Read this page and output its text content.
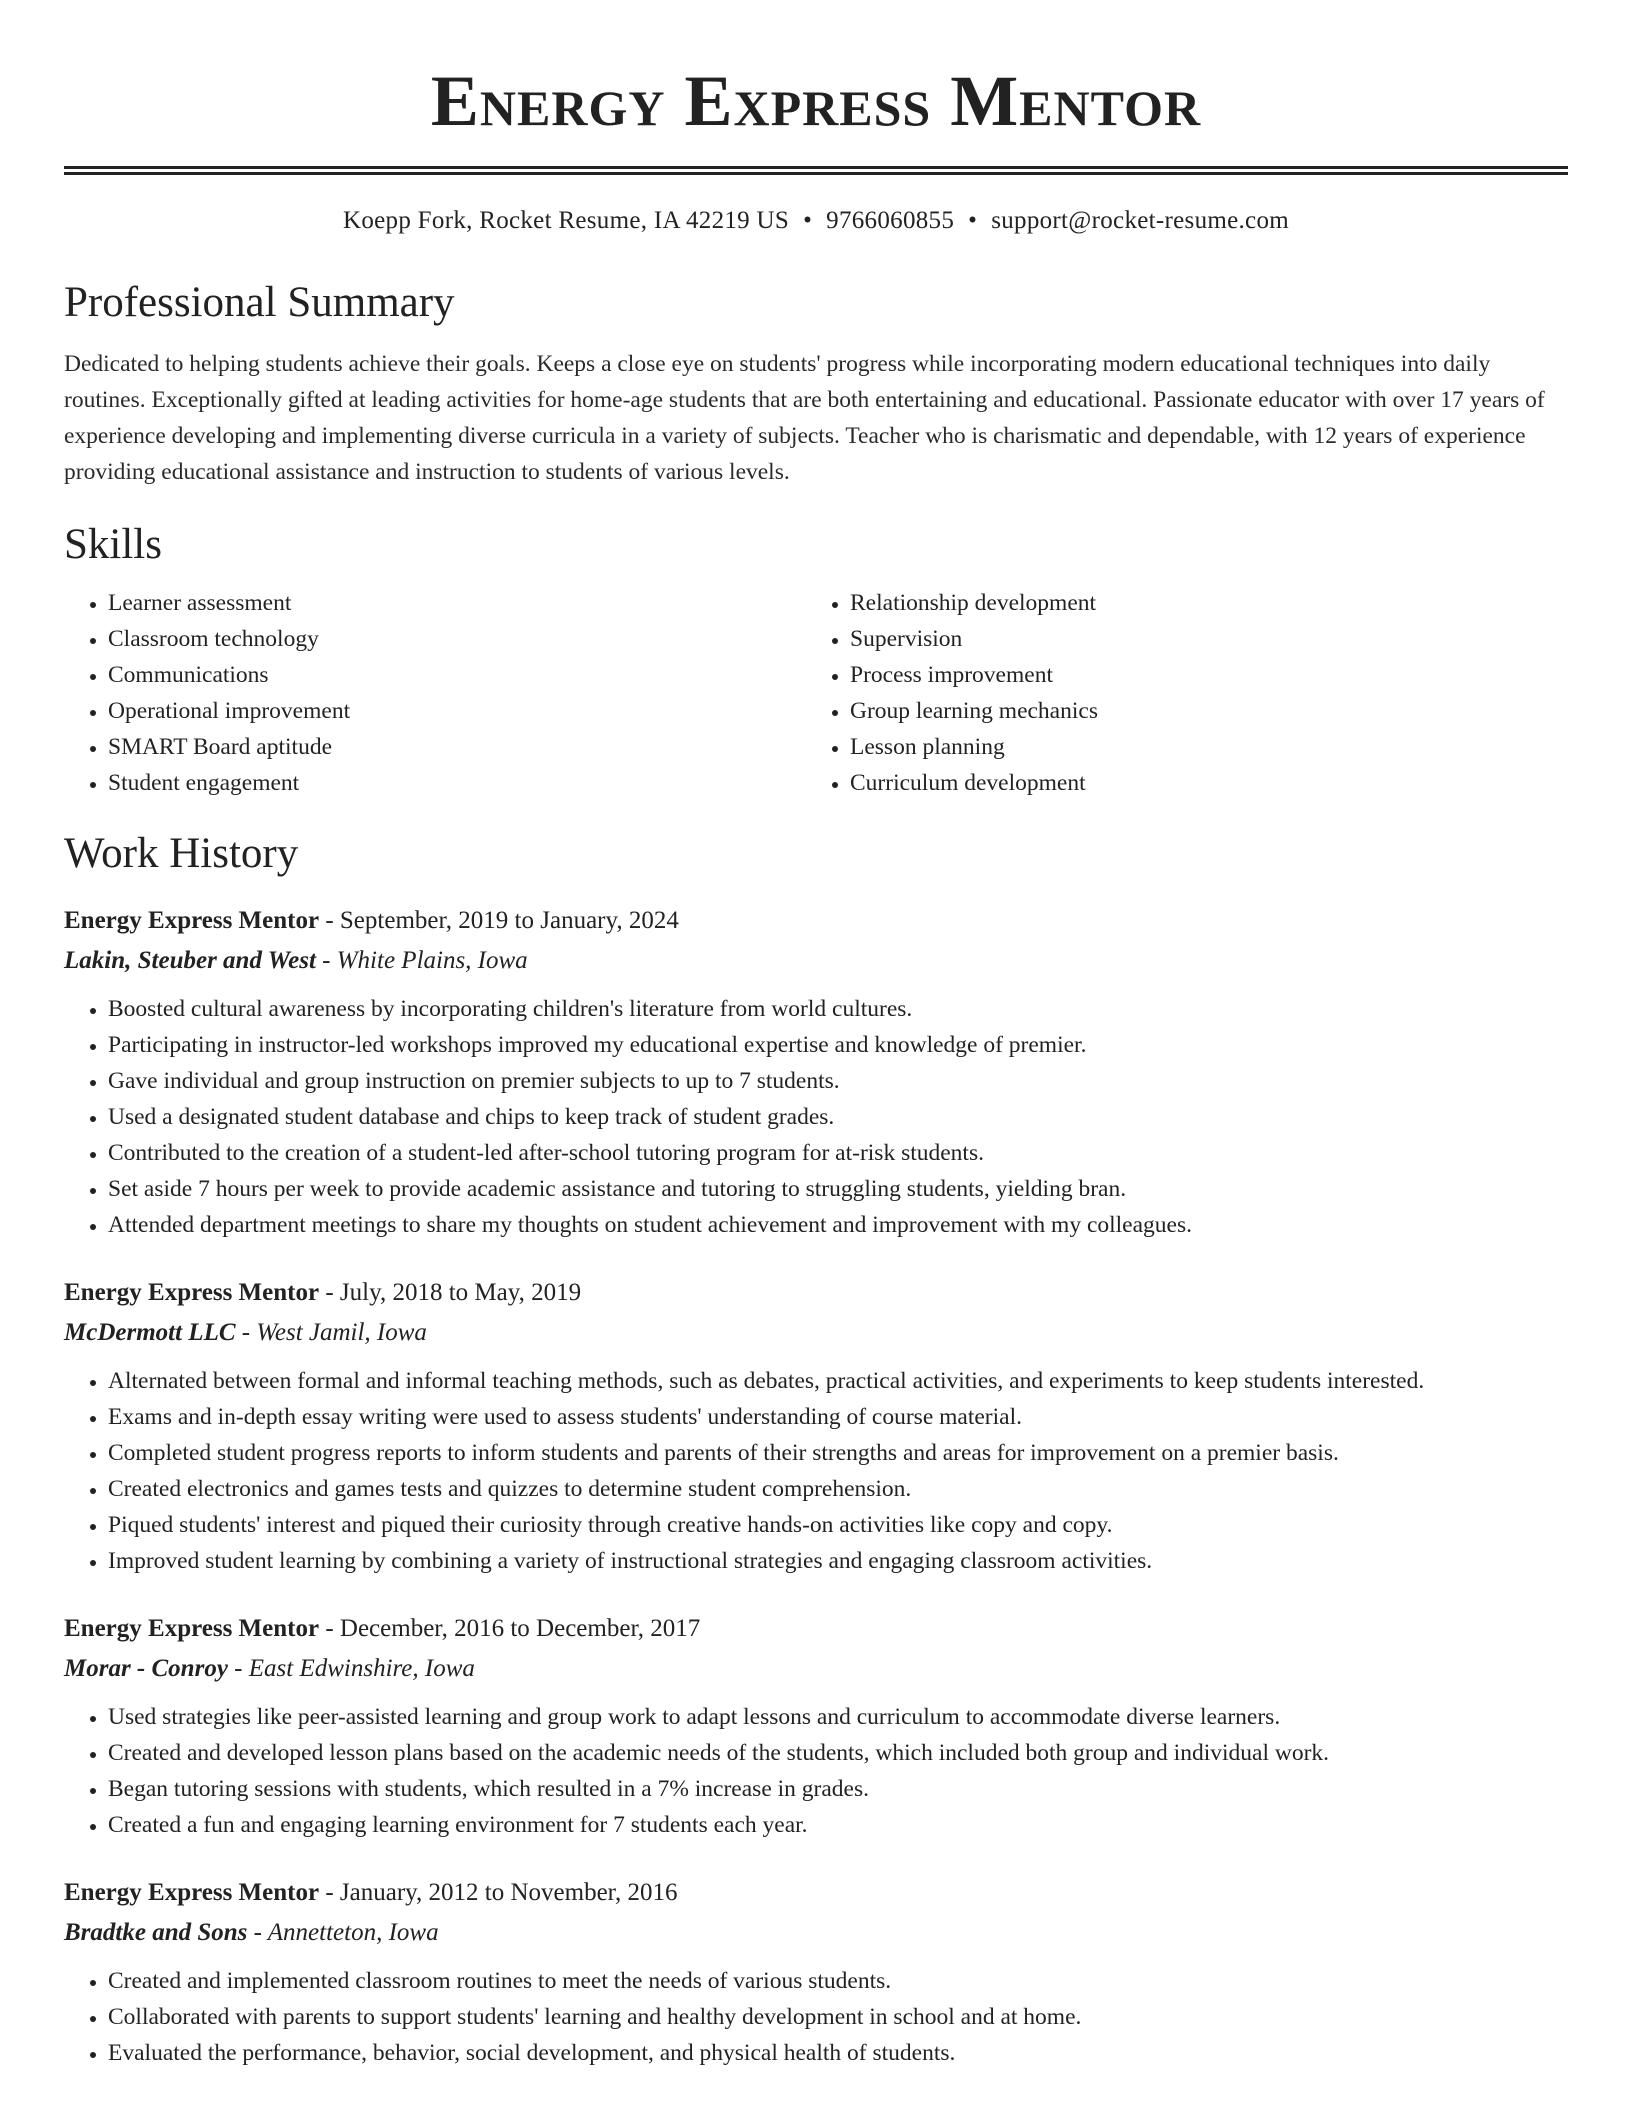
Energy Express Mentor
Koepp Fork, Rocket Resume, IA 42219 US • 9766060855 • support@rocket-resume.com
Professional Summary
Dedicated to helping students achieve their goals. Keeps a close eye on students' progress while incorporating modern educational techniques into daily routines. Exceptionally gifted at leading activities for home-age students that are both entertaining and educational. Passionate educator with over 17 years of experience developing and implementing diverse curricula in a variety of subjects. Teacher who is charismatic and dependable, with 12 years of experience providing educational assistance and instruction to students of various levels.
Skills
• Learner assessment
• Classroom technology
• Communications
• Operational improvement
• SMART Board aptitude
• Student engagement
• Relationship development
• Supervision
• Process improvement
• Group learning mechanics
• Lesson planning
• Curriculum development
Work History
Energy Express Mentor - September, 2019 to January, 2024
Lakin, Steuber and West - White Plains, Iowa
• Boosted cultural awareness by incorporating children's literature from world cultures.
• Participating in instructor-led workshops improved my educational expertise and knowledge of premier.
• Gave individual and group instruction on premier subjects to up to 7 students.
• Used a designated student database and chips to keep track of student grades.
• Contributed to the creation of a student-led after-school tutoring program for at-risk students.
• Set aside 7 hours per week to provide academic assistance and tutoring to struggling students, yielding bran.
• Attended department meetings to share my thoughts on student achievement and improvement with my colleagues.
Energy Express Mentor - July, 2018 to May, 2019
McDermott LLC - West Jamil, Iowa
• Alternated between formal and informal teaching methods, such as debates, practical activities, and experiments to keep students interested.
• Exams and in-depth essay writing were used to assess students' understanding of course material.
• Completed student progress reports to inform students and parents of their strengths and areas for improvement on a premier basis.
• Created electronics and games tests and quizzes to determine student comprehension.
• Piqued students' interest and piqued their curiosity through creative hands-on activities like copy and copy.
• Improved student learning by combining a variety of instructional strategies and engaging classroom activities.
Energy Express Mentor - December, 2016 to December, 2017
Morar - Conroy - East Edwinshire, Iowa
• Used strategies like peer-assisted learning and group work to adapt lessons and curriculum to accommodate diverse learners.
• Created and developed lesson plans based on the academic needs of the students, which included both group and individual work.
• Began tutoring sessions with students, which resulted in a 7% increase in grades.
• Created a fun and engaging learning environment for 7 students each year.
Energy Express Mentor - January, 2012 to November, 2016
Bradtke and Sons - Annetteton, Iowa
• Created and implemented classroom routines to meet the needs of various students.
• Collaborated with parents to support students' learning and healthy development in school and at home.
• Evaluated the performance, behavior, social development, and physical health of students.
